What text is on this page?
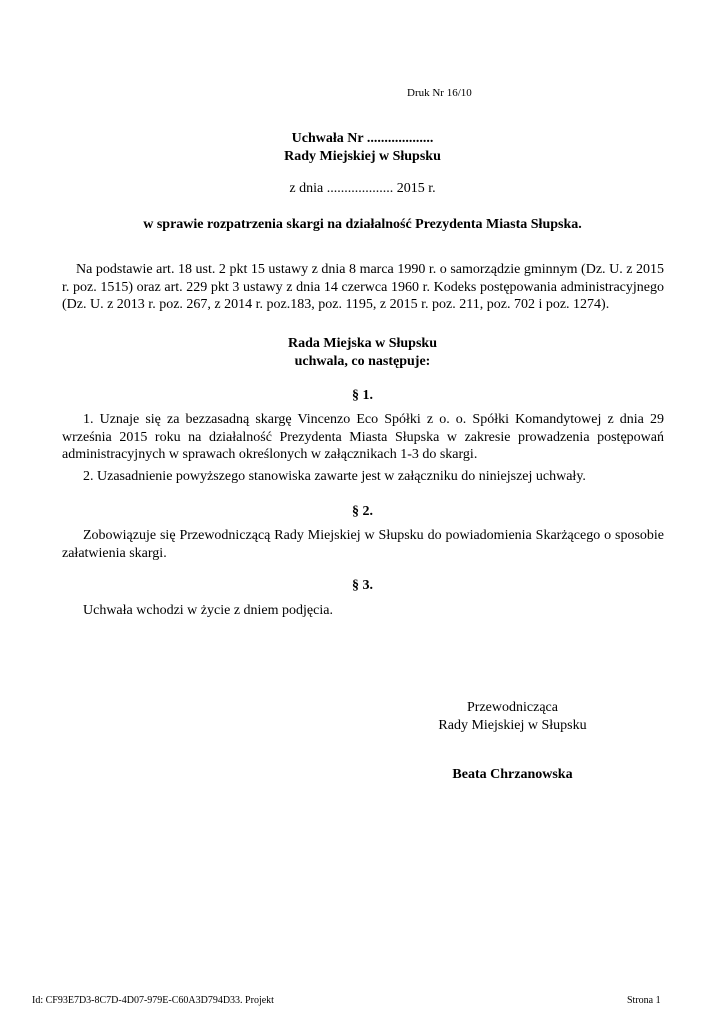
Druk Nr 16/10
Uchwała Nr ...................
Rady Miejskiej w Słupsku
z dnia ................... 2015 r.
w sprawie rozpatrzenia skargi na działalność Prezydenta Miasta Słupska.

Na podstawie art. 18 ust. 2 pkt 15 ustawy z dnia 8 marca 1990 r. o samorządzie gminnym (Dz. U. z 2015 r. poz. 1515) oraz art. 229 pkt 3 ustawy z dnia 14 czerwca 1960 r. Kodeks postępowania administracyjnego (Dz. U. z 2013 r. poz. 267, z 2014 r. poz.183, poz. 1195, z 2015 r. poz. 211, poz. 702 i poz. 1274).

Rada Miejska w Słupsku
uchwala, co następuje:
§ 1.

1. Uznaje się za bezzasadną skargę Vincenzo Eco Spółki z o. o. Spółki Komandytowej z dnia 29 września 2015 roku na działalność Prezydenta Miasta Słupska w zakresie prowadzenia postępowań administracyjnych w sprawach określonych w załącznikach 1-3 do skargi.

2. Uzasadnienie powyższego stanowiska zawarte jest w załączniku do niniejszej uchwały.

§ 2.

Zobowiązuje się Przewodniczącą Rady Miejskiej w Słupsku do powiadomienia Skarżącego o sposobie załatwienia skargi.

§ 3.

Uchwała wchodzi w życie z dniem podjęcia.

Przewodnicząca
Rady Miejskiej w Słupsku
Beata Chrzanowska
Id: CF93E7D3-8C7D-4D07-979E-C60A3D794D33. Projekt	Strona 1
